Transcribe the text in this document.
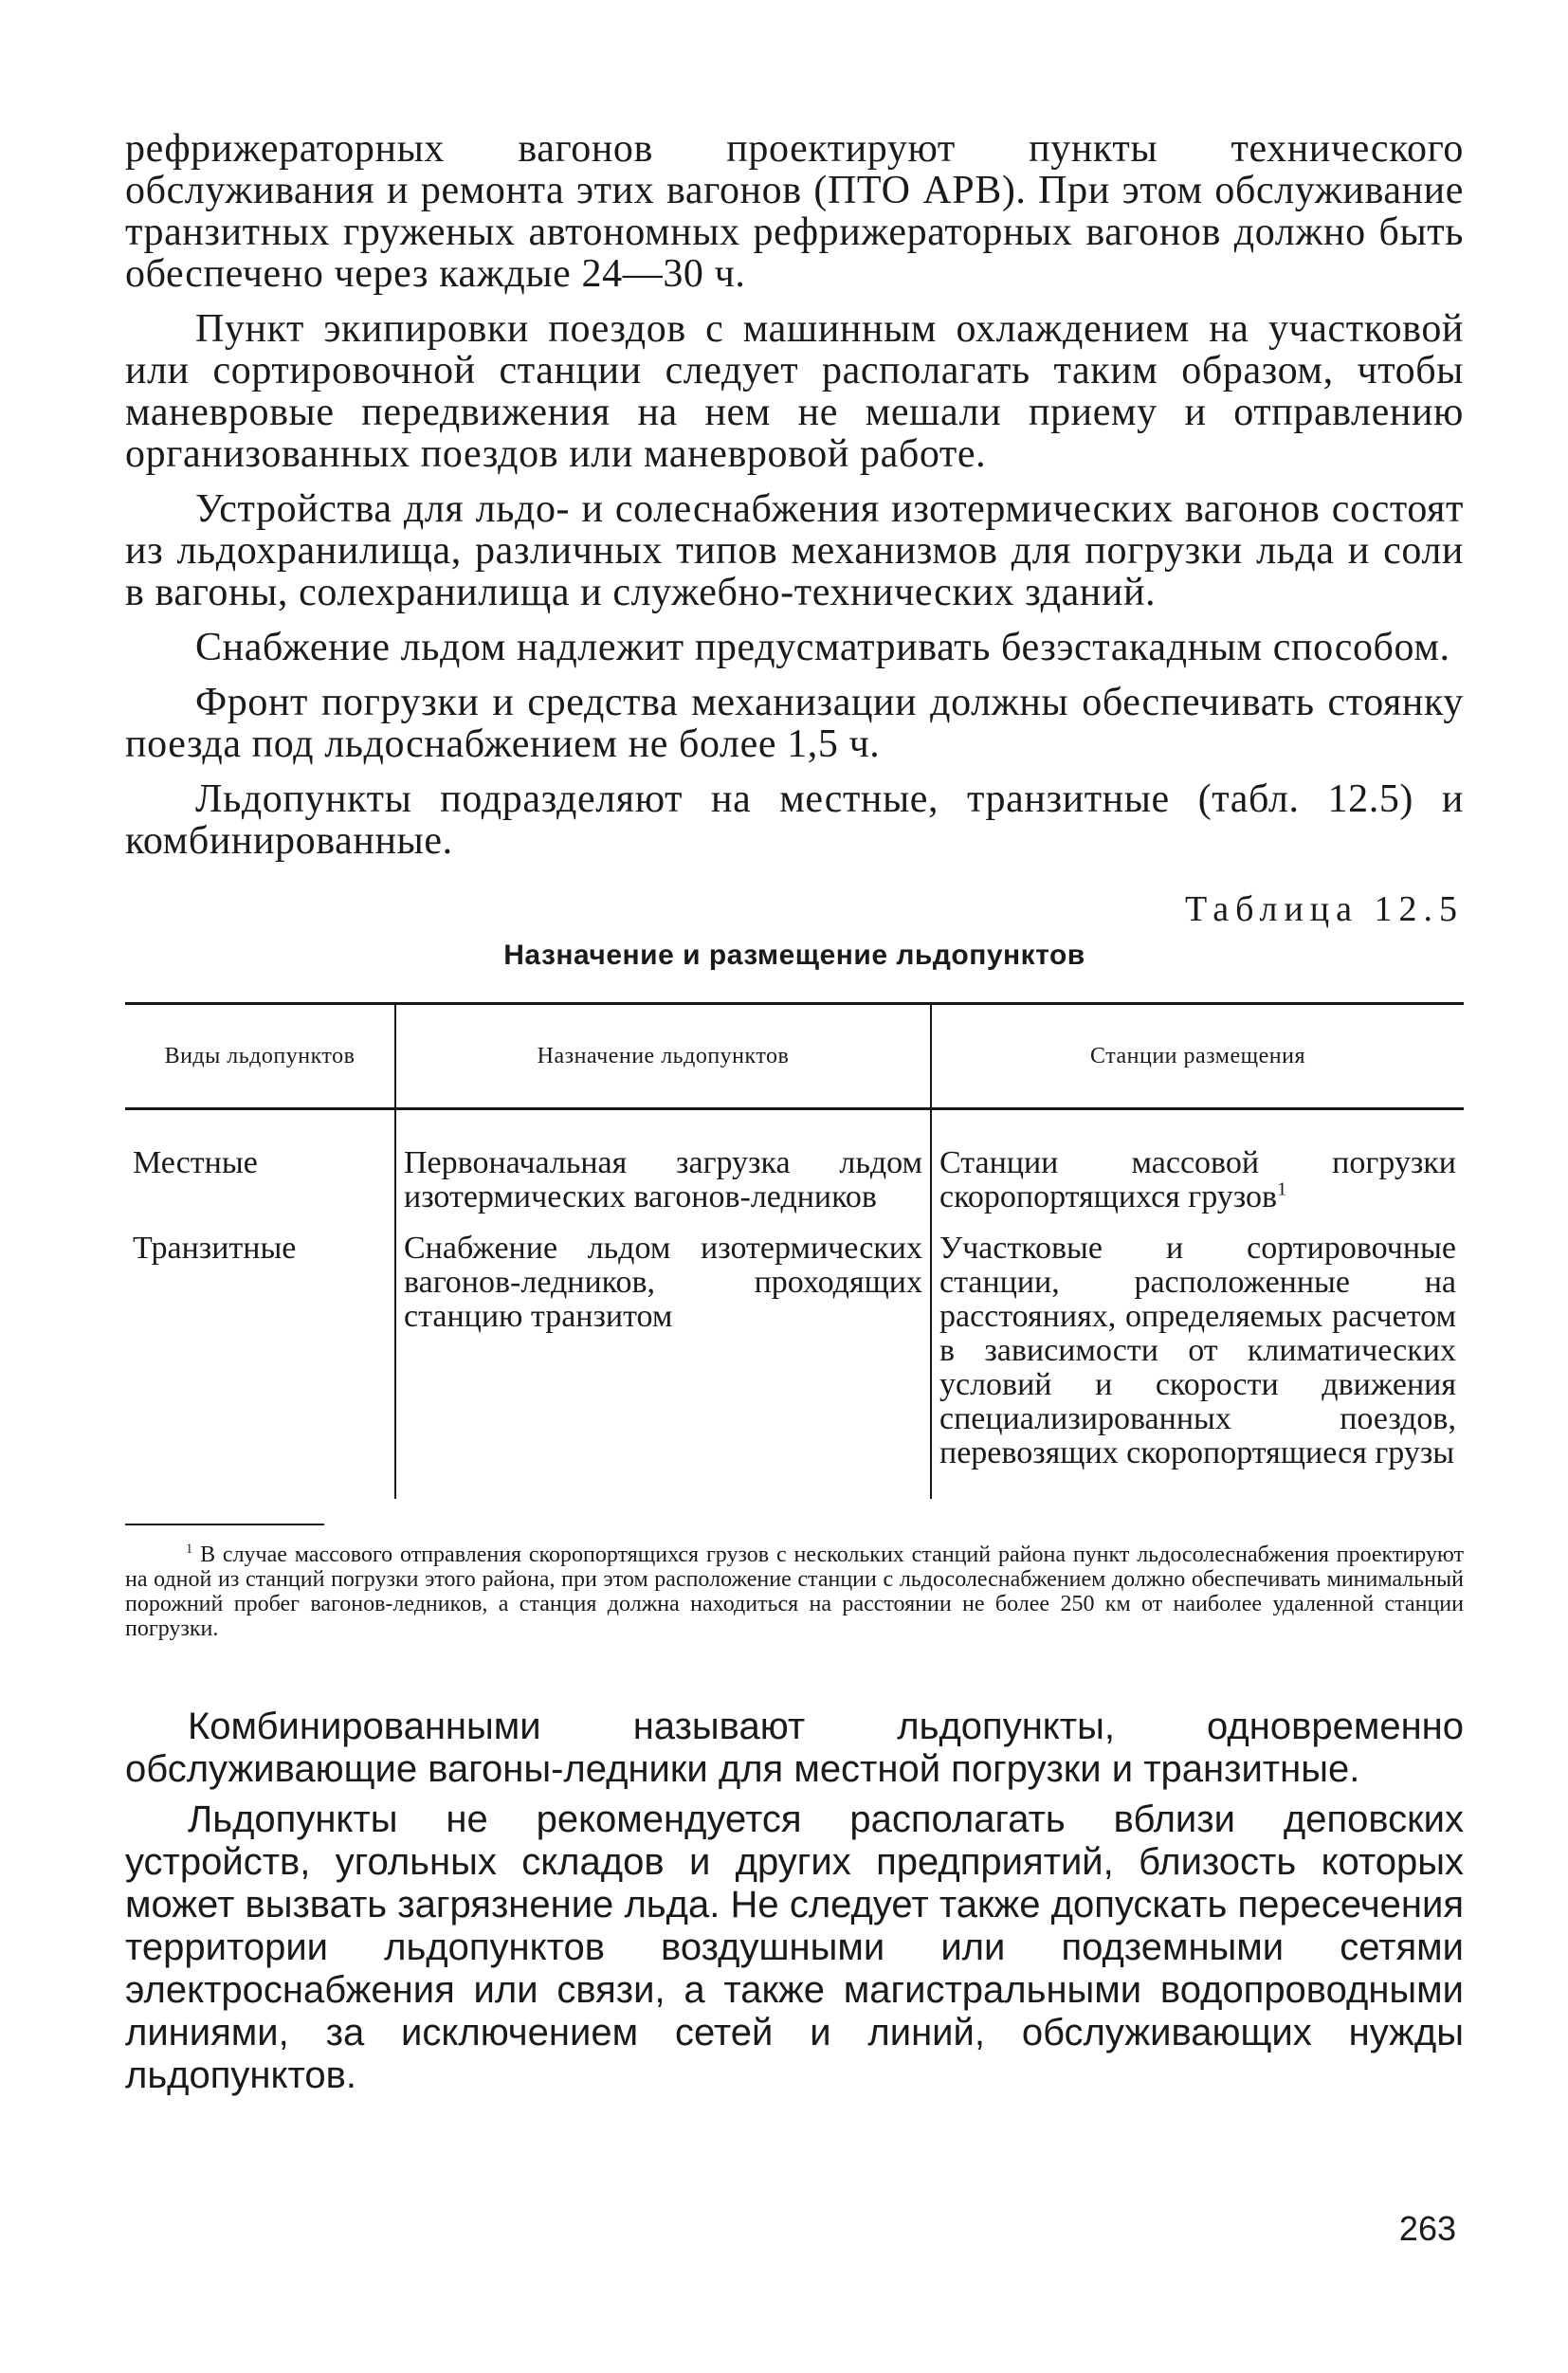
рефрижераторных вагонов проектируют пункты технического обслуживания и ремонта этих вагонов (ПТО АРВ). При этом обслуживание транзитных груженых автономных рефрижераторных вагонов должно быть обеспечено через каждые 24—30 ч.

Пункт экипировки поездов с машинным охлаждением на участковой или сортировочной станции следует располагать таким образом, чтобы маневровые передвижения на нем не мешали приему и отправлению организованных поездов или маневровой работе.

Устройства для льдо- и солеснабжения изотермических вагонов состоят из льдохранилища, различных типов механизмов для погрузки льда и соли в вагоны, солехранилища и служебно-технических зданий.

Снабжение льдом надлежит предусматривать безэстакадным способом.

Фронт погрузки и средства механизации должны обеспечивать стоянку поезда под льдоснабжением не более 1,5 ч.

Льдопункты подразделяют на местные, транзитные (табл. 12.5) и комбинированные.

Таблица 12.5
Назначение и размещение льдопунктов
Виды льдопунктов	Назначение льдопунктов	Станции размещения
Местные	Первоначальная загрузка льдом изотермических вагонов-ледников	Станции массовой погрузки скоропортящихся грузов$^1$
Транзитные	Снабжение льдом изотермических вагонов-ледников, проходящих станцию транзитом	Участковые и сортировочные станции, расположенные на расстояниях, определяемых расчетом в зависимости от климатических условий и скорости движения специализированных поездов, перевозящих скоропортящиеся грузы

$^1$ В случае массового отправления скоропортящихся грузов с нескольких станций района пункт льдосолеснабжения проектируют на одной из станций погрузки этого района, при этом расположение станции с льдосолеснабжением должно обеспечивать минимальный порожний пробег вагонов-ледников, а станция должна находиться на расстоянии не более 250 км от наиболее удаленной станции погрузки.

Комбинированными называют льдопункты, одновременно обслуживающие вагоны-ледники для местной погрузки и транзитные.

Льдопункты не рекомендуется располагать вблизи деповских устройств, угольных складов и других предприятий, близость которых может вызвать загрязнение льда. Не следует также допускать пересечения территории льдопунктов воздушными или подземными сетями электроснабжения или связи, а также магистральными водопроводными линиями, за исключением сетей и линий, обслуживающих нужды льдопунктов.

263
